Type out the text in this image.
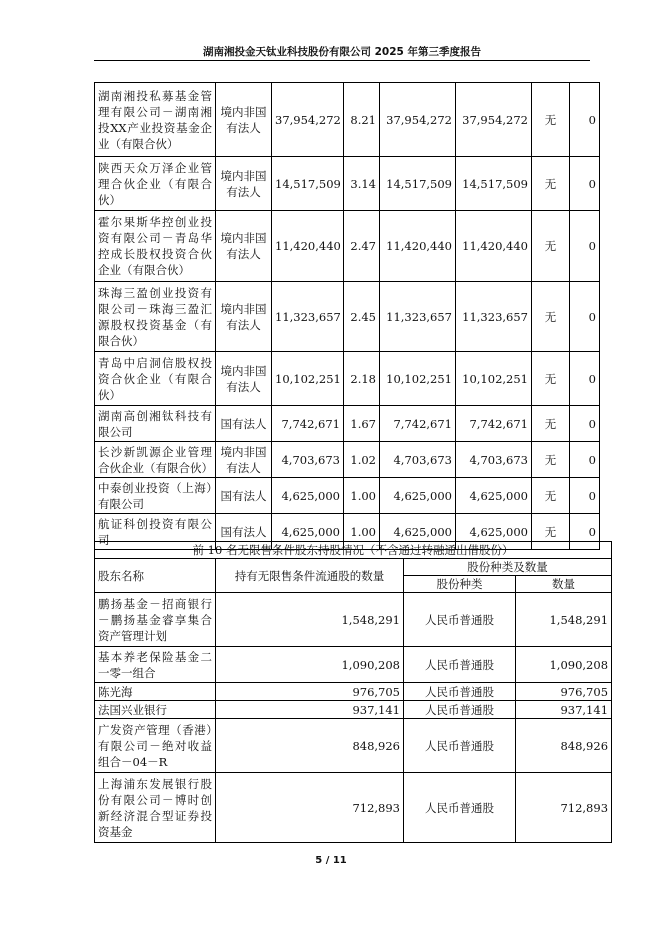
湖南湘投金天钛业科技股份有限公司 2025 年第三季度报告
湖南湘投私募基金管理有限公司－湖南湘投XX产业投资基金企业（有限合伙）	境内非国有法人	37,954,272	8.21	37,954,272	37,954,272	无	0
陕西天众万泽企业管理合伙企业（有限合伙）	境内非国有法人	14,517,509	3.14	14,517,509	14,517,509	无	0
霍尔果斯华控创业投资有限公司－青岛华控成长股权投资合伙企业（有限合伙）	境内非国有法人	11,420,440	2.47	11,420,440	11,420,440	无	0
珠海三盈创业投资有限公司－珠海三盈汇源股权投资基金（有限合伙）	境内非国有法人	11,323,657	2.45	11,323,657	11,323,657	无	0
青岛中启洞信股权投资合伙企业（有限合伙）	境内非国有法人	10,102,251	2.18	10,102,251	10,102,251	无	0
湖南高创湘钛科技有限公司	国有法人	7,742,671	1.67	7,742,671	7,742,671	无	0
长沙新凯源企业管理合伙企业（有限合伙）	境内非国有法人	4,703,673	1.02	4,703,673	4,703,673	无	0
中泰创业投资（上海）有限公司	国有法人	4,625,000	1.00	4,625,000	4,625,000	无	0
航证科创投资有限公司	国有法人	4,625,000	1.00	4,625,000	4,625,000	无	0
前 10 名无限售条件股东持股情况（不含通过转融通出借股份）			
股东名称	持有无限售条件流通股的数量	股份种类及数量	
		股份种类	数量
鹏扬基金－招商银行－鹏扬基金睿享集合资产管理计划	1,548,291	人民币普通股	1,548,291
基本养老保险基金二一零一组合	1,090,208	人民币普通股	1,090,208
陈光海	976,705	人民币普通股	976,705
法国兴业银行	937,141	人民币普通股	937,141
广发资产管理（香港）有限公司－绝对收益组合－04－R	848,926	人民币普通股	848,926
上海浦东发展银行股份有限公司－博时创新经济混合型证券投资基金	712,893	人民币普通股	712,893
5 / 11
